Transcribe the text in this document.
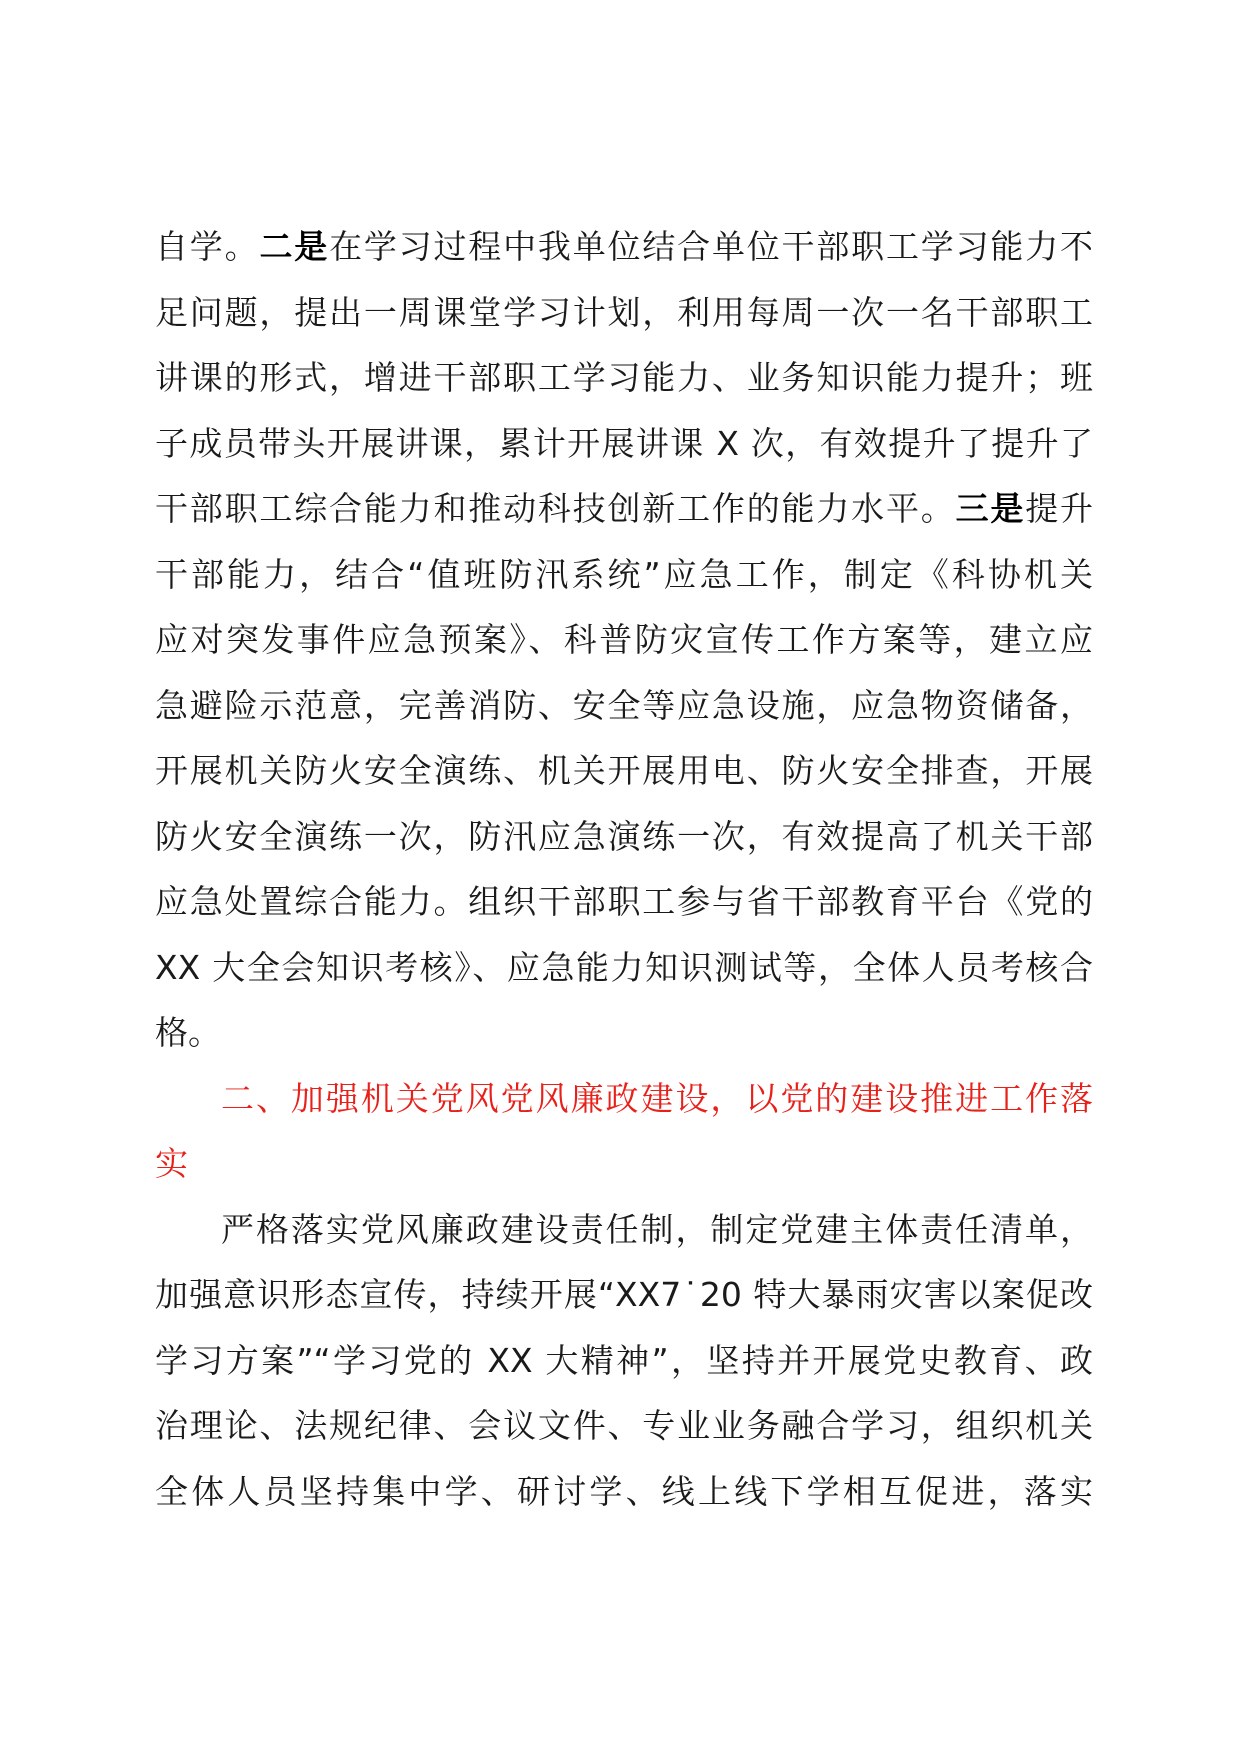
自学。二是在学习过程中我单位结合单位干部职工学习能力不
足问题，提出一周课堂学习计划，利用每周一次一名干部职工
讲课的形式，增进干部职工学习能力、业务知识能力提升；班
子成员带头开展讲课，累计开展讲课 X 次，有效提升了提升了
干部职工综合能力和推动科技创新工作的能力水平。三是提升
干部能力，结合“值班防汛系统”应急工作，制定《科协机关
应对突发事件应急预案》、科普防灾宣传工作方案等，建立应
急避险示范意，完善消防、安全等应急设施，应急物资储备，
开展机关防火安全演练、机关开展用电、防火安全排查，开展
防火安全演练一次，防汛应急演练一次，有效提高了机关干部
应急处置综合能力。组织干部职工参与省干部教育平台《党的
XX 大全会知识考核》、应急能力知识测试等，全体人员考核合
格。
二、加强机关党风党风廉政建设，以党的建设推进工作落
实
严格落实党风廉政建设责任制，制定党建主体责任清单，
加强意识形态宣传，持续开展“XX7˙20 特大暴雨灾害以案促改
学习方案”“学习党的 XX 大精神”，坚持并开展党史教育、政
治理论、法规纪律、会议文件、专业业务融合学习，组织机关
全体人员坚持集中学、研讨学、线上线下学相互促进，落实
